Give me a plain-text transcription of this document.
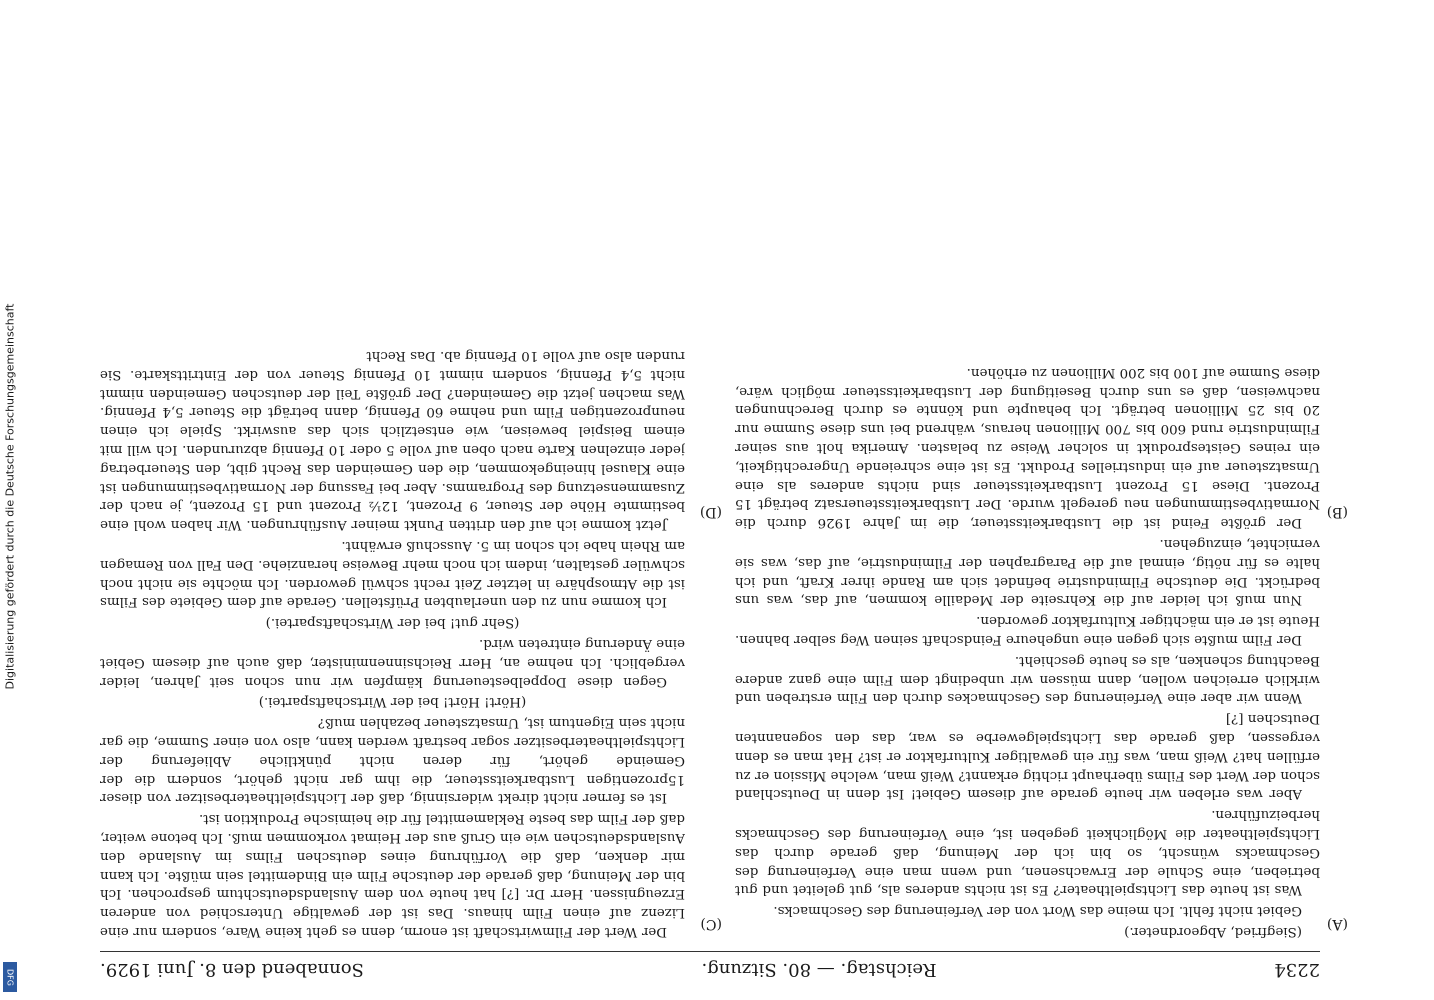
2234
Reichstag. — 80. Sitzung.
Sonnabend den 8. Juni 1929.
(A)
(B)
(C)
(D)

(Siegfried, Abgeordneter.)

Gebiet nicht fehlt. Ich meine das Wort von der Verfeinerung des Geschmacks.

Was ist heute das Lichtspieltheater? Es ist nichts anderes als, gut geleitet und gut betrieben, eine Schule der Erwachsenen, und wenn man eine Verfeinerung des Geschmacks wünscht, so bin ich der Meinung, daß gerade durch das Lichtspieltheater die Möglichkeit gegeben ist, eine Verfeinerung des Geschmacks herbeizuführen.

Aber was erleben wir heute gerade auf diesem Gebiet! Ist denn in Deutschland schon der Wert des Films überhaupt richtig erkannt? Weiß man, welche Mission er zu erfüllen hat? Weiß man, was für ein gewaltiger Kulturfaktor er ist? Hat man es denn vergessen, daß gerade das Lichtspielgewerbe es war, das den sogenannten Deutschen [?]

Wenn wir aber eine Verfeinerung des Geschmackes durch den Film erstreben und wirklich erreichen wollen, dann müssen wir unbedingt dem Film eine ganz andere Beachtung schenken, als es heute geschieht.

Der Film mußte sich gegen eine ungeheure Feindschaft seinen Weg selber bahnen. Heute ist er ein mächtiger Kulturfaktor geworden.

Nun muß ich leider auf die Kehrseite der Medaille kommen, auf das, was uns bedrückt. Die deutsche Filmindustrie befindet sich am Rande ihrer Kraft, und ich halte es für nötig, einmal auf die Paragraphen der Filmindustrie, auf das, was sie vernichtet, einzugehen.

Der größte Feind ist die Lustbarkeitssteuer, die im Jahre 1926 durch die Normativbestimmungen neu geregelt wurde. Der Lustbarkeitssteuersatz beträgt 15 Prozent. Diese 15 Prozent Lustbarkeitssteuer sind nichts anderes als eine Umsatzsteuer auf ein industrielles Produkt. Es ist eine schreiende Ungerechtigkeit, ein reines Geistesprodukt in solcher Weise zu belasten. Amerika holt aus seiner Filmindustrie rund 600 bis 700 Millionen heraus, während bei uns diese Summe nur 20 bis 25 Millionen beträgt. Ich behaupte und könnte es durch Berechnungen nachweisen, daß es uns durch Beseitigung der Lustbarkeitssteuer möglich wäre, diese Summe auf 100 bis 200 Millionen zu erhöhen.

Der Wert der Filmwirtschaft ist enorm, denn es geht keine Ware, sondern nur eine Lizenz auf einen Film hinaus. Das ist der gewaltige Unterschied von anderen Erzeugnissen. Herr Dr. [?] hat heute von dem Auslandsdeutschtum gesprochen. Ich bin der Meinung, daß gerade der deutsche Film ein Bindemittel sein müßte. Ich kann mir denken, daß die Vorführung eines deutschen Films im Auslande den Auslandsdeutschen wie ein Gruß aus der Heimat vorkommen muß. Ich betone weiter, daß der Film das beste Reklamemittel für die heimische Produktion ist.

Ist es ferner nicht direkt widersinnig, daß der Lichtspieltheaterbesitzer von dieser 15prozentigen Lustbarkeitssteuer, die ihm gar nicht gehört, sondern die der Gemeinde gehört, für deren nicht pünktliche Ablieferung der Lichtspieltheaterbesitzer sogar bestraft werden kann, also von einer Summe, die gar nicht sein Eigentum ist, Umsatzsteuer bezahlen muß?

(Hört! Hört! bei der Wirtschaftspartei.)

Gegen diese Doppelbesteuerung kämpfen wir nun schon seit Jahren, leider vergeblich. Ich nehme an, Herr Reichsinnenminister, daß auch auf diesem Gebiet eine Änderung eintreten wird.

(Sehr gut! bei der Wirtschaftspartei.)

Ich komme nun zu den unerlaubten Prüfstellen. Gerade auf dem Gebiete des Films ist die Atmosphäre in letzter Zeit recht schwül geworden. Ich möchte sie nicht noch schwüler gestalten, indem ich noch mehr Beweise heranziehe. Den Fall von Remagen am Rhein habe ich schon im 5. Ausschuß erwähnt.

Jetzt komme ich auf den dritten Punkt meiner Ausführungen. Wir haben wohl eine bestimmte Höhe der Steuer, 9 Prozent, 12½ Prozent und 15 Prozent, je nach der Zusammensetzung des Programms. Aber bei Fassung der Normativbestimmungen ist eine Klausel hineingekommen, die den Gemeinden das Recht gibt, den Steuerbetrag jeder einzelnen Karte nach oben auf volle 5 oder 10 Pfennig abzurunden. Ich will mit einem Beispiel beweisen, wie entsetzlich sich das auswirkt. Spiele ich einen neunprozentigen Film und nehme 60 Pfennig, dann beträgt die Steuer 5,4 Pfennig. Was machen jetzt die Gemeinden? Der größte Teil der deutschen Gemeinden nimmt nicht 5,4 Pfennig, sondern nimmt 10 Pfennig Steuer von der Eintrittskarte. Sie runden also auf volle 10 Pfennig ab. Das Recht

Digitalisierung gefördert durch die Deutsche Forschungsgemeinschaft
DFG
